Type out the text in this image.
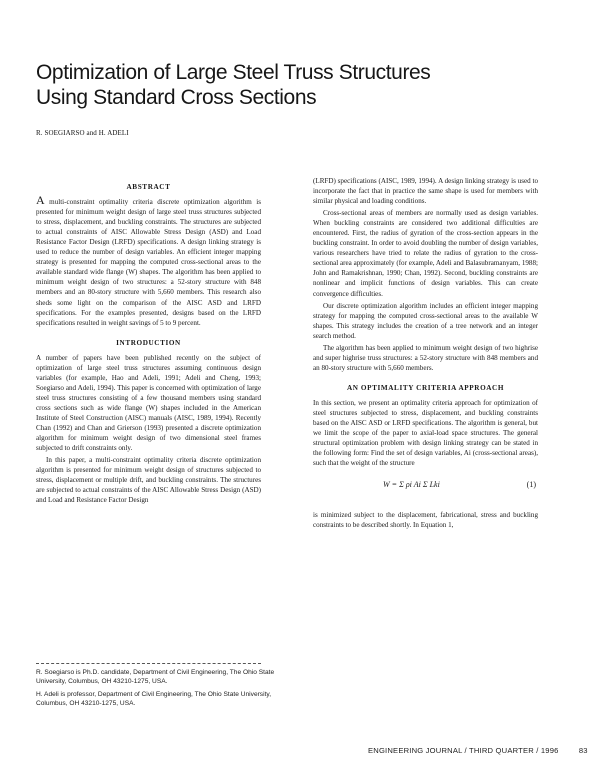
Optimization of Large Steel Truss Structures
Using Standard Cross Sections
R. SOEGIARSO and H. ADELI
ABSTRACT

A multi-constraint optimality criteria discrete optimization algorithm is presented for minimum weight design of large steel truss structures subjected to stress, displacement, and buckling constraints. The structures are subjected to actual constraints of AISC Allowable Stress Design (ASD) and Load Resistance Factor Design (LRFD) specifications. A design linking strategy is used to reduce the number of design variables. An efficient integer mapping strategy is presented for mapping the computed cross-sectional areas to the available standard wide flange (W) shapes. The algorithm has been applied to minimum weight design of two structures: a 52-story structure with 848 members and an 80-story structure with 5,660 members. This research also sheds some light on the comparison of the AISC ASD and LRFD specifications. For the examples presented, designs based on the LRFD specifications resulted in weight savings of 5 to 9 percent.

INTRODUCTION

A number of papers have been published recently on the subject of optimization of large steel truss structures assuming continuous design variables (for example, Hao and Adeli, 1991; Adeli and Cheng, 1993; Soegiarso and Adeli, 1994). This paper is concerned with optimization of large steel truss structures consisting of a few thousand members using standard cross sections such as wide flange (W) shapes included in the American Institute of Steel Construction (AISC) manuals (AISC, 1989, 1994). Recently Chan (1992) and Chan and Grierson (1993) presented a discrete optimization algorithm for minimum weight design of two dimensional steel frames subjected to drift constraints only.

In this paper, a multi-constraint optimality criteria discrete optimization algorithm is presented for minimum weight design of structures subjected to stress, displacement or multiple drift, and buckling constraints. The structures are subjected to actual constraints of the AISC Allowable Stress Design (ASD) and Load and Resistance Factor Design

(LRFD) specifications (AISC, 1989, 1994). A design linking strategy is used to incorporate the fact that in practice the same shape is used for members with similar physical and loading conditions.

Cross-sectional areas of members are normally used as design variables. When buckling constraints are considered two additional difficulties are encountered. First, the radius of gyration of the cross-section appears in the buckling constraint. In order to avoid doubling the number of design variables, various researchers have tried to relate the radius of gyration to the cross-sectional area approximately (for example, Adeli and Balasubramanyam, 1988; John and Ramakrishnan, 1990; Chan, 1992). Second, buckling constraints are nonlinear and implicit functions of design variables. This can create convergence difficulties.

Our discrete optimization algorithm includes an efficient integer mapping strategy for mapping the computed cross-sectional areas to the available W shapes. This strategy includes the creation of a tree network and an integer search method.

The algorithm has been applied to minimum weight design of two highrise and super highrise truss structures: a 52-story structure with 848 members and an 80-story structure with 5,660 members.

AN OPTIMALITY CRITERIA APPROACH

In this section, we present an optimality criteria approach for optimization of steel structures subjected to stress, displacement, and buckling constraints based on the AISC ASD or LRFD specifications. The algorithm is general, but we limit the scope of the paper to axial-load space structures. The general structural optimization problem with design linking strategy can be stated in the following form: Find the set of design variables, Ai (cross-sectional areas), such that the weight of the structure

W = Σ ρi Ai Σ Lki	(1)

is minimized subject to the displacement, fabricational, stress and buckling constraints to be described shortly. In Equation 1,

R. Soegiarso is Ph.D. candidate, Department of Civil Engineering, The Ohio State University, Columbus, OH 43210-1275, USA.

H. Adeli is professor, Department of Civil Engineering, The Ohio State University, Columbus, OH 43210-1275, USA.

ENGINEERING JOURNAL / THIRD QUARTER / 1996	83
